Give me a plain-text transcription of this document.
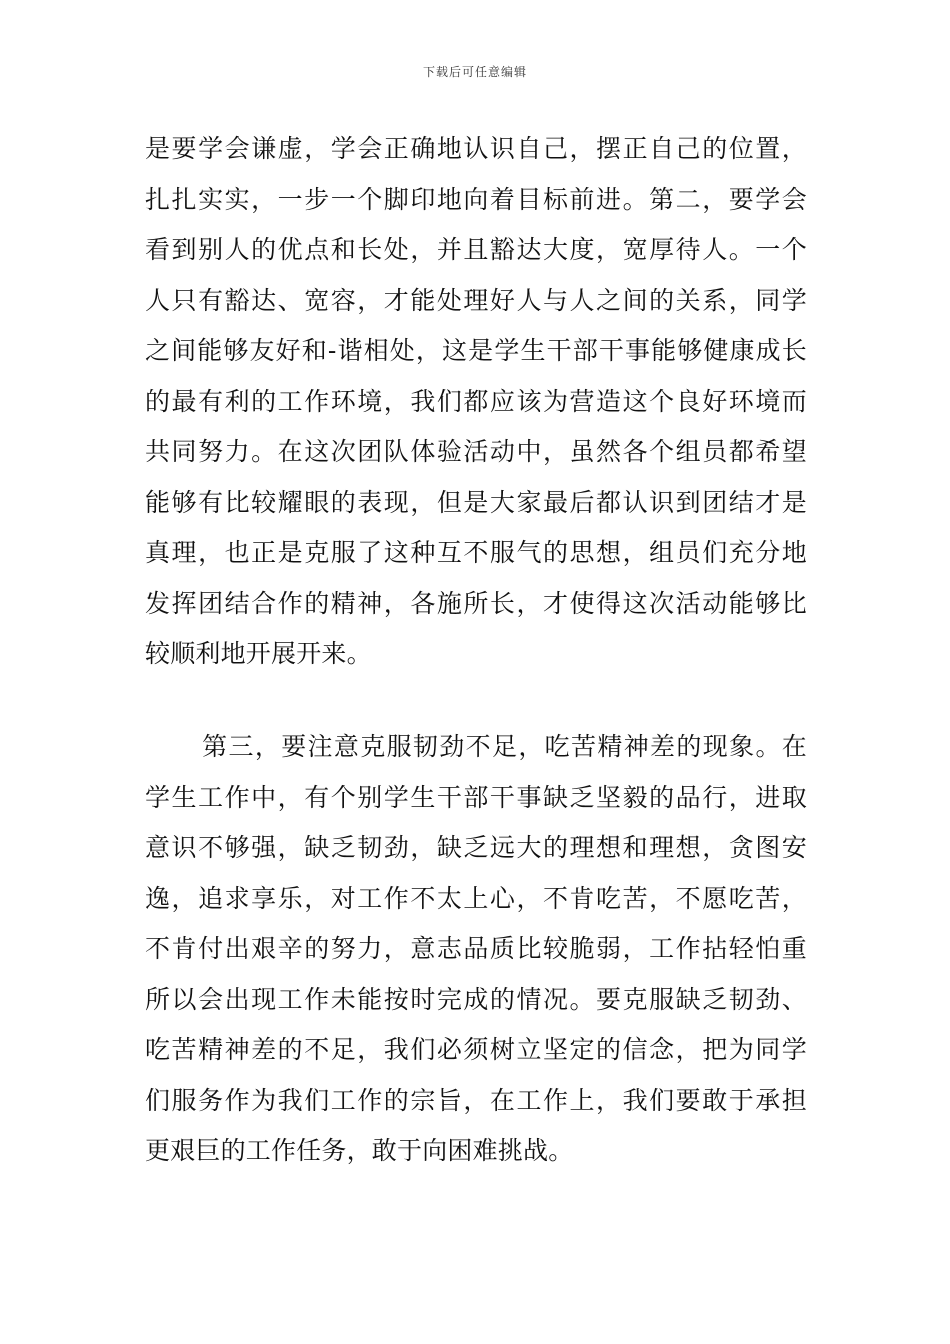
下载后可任意编辑
是要学会谦虚，学会正确地认识自己，摆正自己的位置，
扎扎实实，一步一个脚印地向着目标前进。第二，要学会
看到别人的优点和长处，并且豁达大度，宽厚待人。一个
人只有豁达、宽容，才能处理好人与人之间的关系，同学
之间能够友好和-谐相处，这是学生干部干事能够健康成长
的最有利的工作环境，我们都应该为营造这个良好环境而
共同努力。在这次团队体验活动中，虽然各个组员都希望
能够有比较耀眼的表现，但是大家最后都认识到团结才是
真理，也正是克服了这种互不服气的思想，组员们充分地
发挥团结合作的精神，各施所长，才使得这次活动能够比
较顺利地开展开来。
第三，要注意克服韧劲不足，吃苦精神差的现象。在
学生工作中，有个别学生干部干事缺乏坚毅的品行，进取
意识不够强，缺乏韧劲，缺乏远大的理想和理想，贪图安
逸，追求享乐，对工作不太上心，不肯吃苦，不愿吃苦，
不肯付出艰辛的努力，意志品质比较脆弱，工作拈轻怕重
所以会出现工作未能按时完成的情况。要克服缺乏韧劲、
吃苦精神差的不足，我们必须树立坚定的信念，把为同学
们服务作为我们工作的宗旨，在工作上，我们要敢于承担
更艰巨的工作任务，敢于向困难挑战。
